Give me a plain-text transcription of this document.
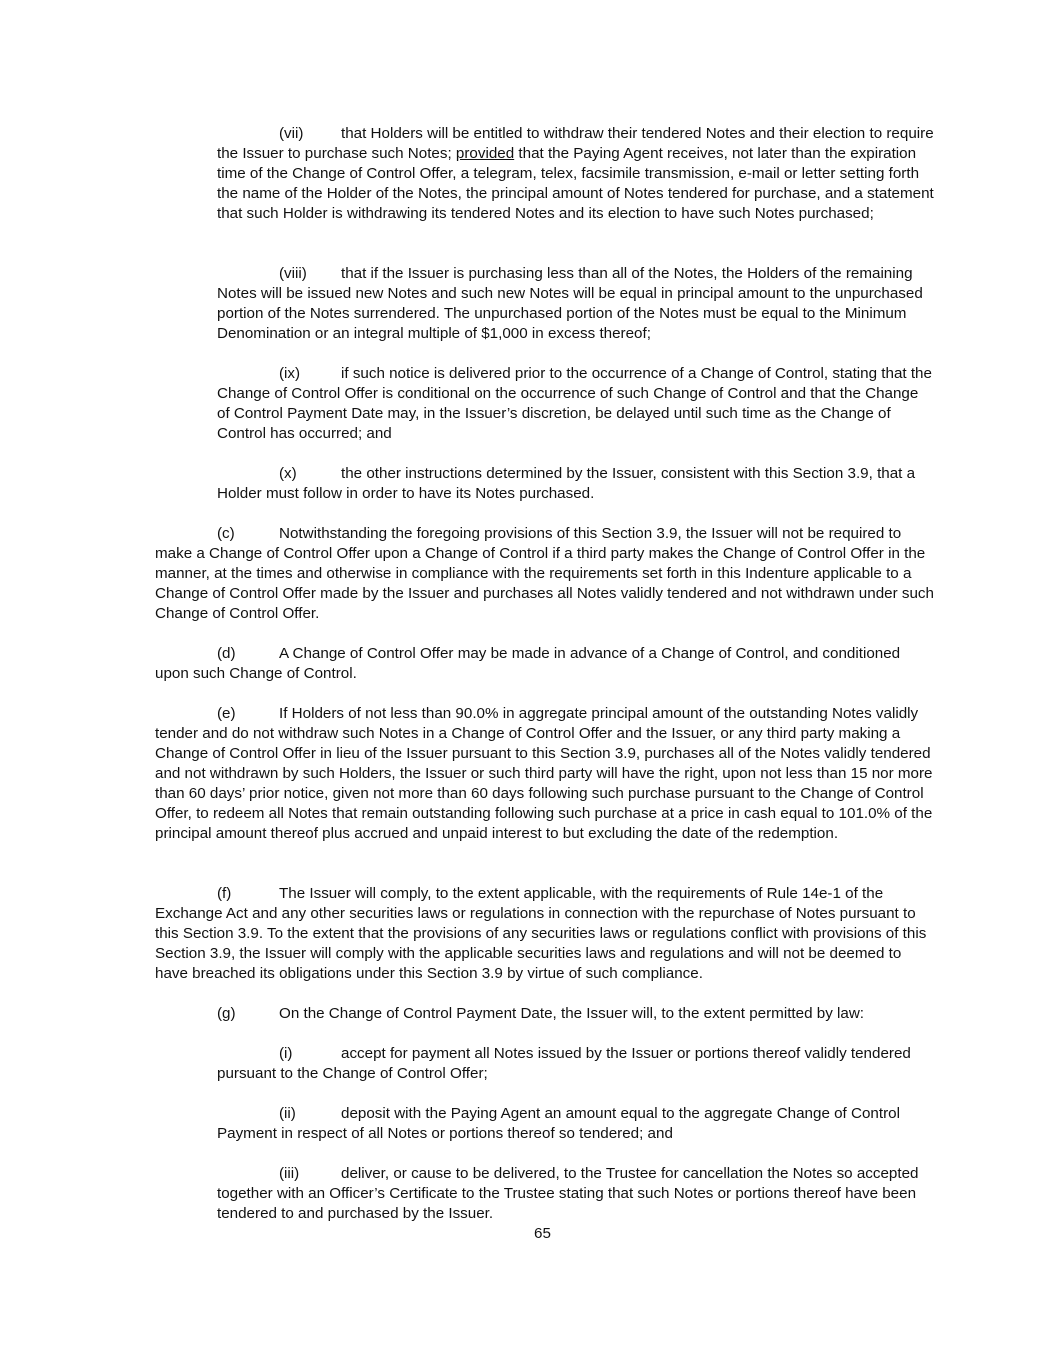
(vii) that Holders will be entitled to withdraw their tendered Notes and their election to require the Issuer to purchase such Notes; provided that the Paying Agent receives, not later than the expiration time of the Change of Control Offer, a telegram, telex, facsimile transmission, e-mail or letter setting forth the name of the Holder of the Notes, the principal amount of Notes tendered for purchase, and a statement that such Holder is withdrawing its tendered Notes and its election to have such Notes purchased;

(viii) that if the Issuer is purchasing less than all of the Notes, the Holders of the remaining Notes will be issued new Notes and such new Notes will be equal in principal amount to the unpurchased portion of the Notes surrendered. The unpurchased portion of the Notes must be equal to the Minimum Denomination or an integral multiple of $1,000 in excess thereof;

(ix)	if such notice is delivered prior to the occurrence of a Change of Control, stating that the Change of Control Offer is conditional on the occurrence of such Change of Control and that the Change of Control Payment Date may, in the Issuer’s discretion, be delayed until such time as the Change of Control has occurred; and

(x)	the other instructions determined by the Issuer, consistent with this Section 3.9, that a Holder must follow in order to have its Notes purchased.

(c)	Notwithstanding the foregoing provisions of this Section 3.9, the Issuer will not be required to make a Change of Control Offer upon a Change of Control if a third party makes the Change of Control Offer in the manner, at the times and otherwise in compliance with the requirements set forth in this Indenture applicable to a Change of Control Offer made by the Issuer and purchases all Notes validly tendered and not withdrawn under such Change of Control Offer.

(d)	A Change of Control Offer may be made in advance of a Change of Control, and conditioned upon such Change of Control.

(e)	If Holders of not less than 90.0% in aggregate principal amount of the outstanding Notes validly tender and do not withdraw such Notes in a Change of Control Offer and the Issuer, or any third party making a Change of Control Offer in lieu of the Issuer pursuant to this Section 3.9, purchases all of the Notes validly tendered and not withdrawn by such Holders, the Issuer or such third party will have the right, upon not less than 15 nor more than 60 days’ prior notice, given not more than 60 days following such purchase pursuant to the Change of Control Offer, to redeem all Notes that remain outstanding following such purchase at a price in cash equal to 101.0% of the principal amount thereof plus accrued and unpaid interest to but excluding the date of the redemption.

(f)	The Issuer will comply, to the extent applicable, with the requirements of Rule 14e-1 of the Exchange Act and any other securities laws or regulations in connection with the repurchase of Notes pursuant to this Section 3.9. To the extent that the provisions of any securities laws or regulations conflict with provisions of this Section 3.9, the Issuer will comply with the applicable securities laws and regulations and will not be deemed to have breached its obligations under this Section 3.9 by virtue of such compliance.

(g)	On the Change of Control Payment Date, the Issuer will, to the extent permitted by law:

(i)	accept for payment all Notes issued by the Issuer or portions thereof validly tendered pursuant to the Change of Control Offer;

(ii)	deposit with the Paying Agent an amount equal to the aggregate Change of Control Payment in respect of all Notes or portions thereof so tendered; and

(iii)	deliver, or cause to be delivered, to the Trustee for cancellation the Notes so accepted together with an Officer’s Certificate to the Trustee stating that such Notes or portions thereof have been tendered to and purchased by the Issuer.

65
